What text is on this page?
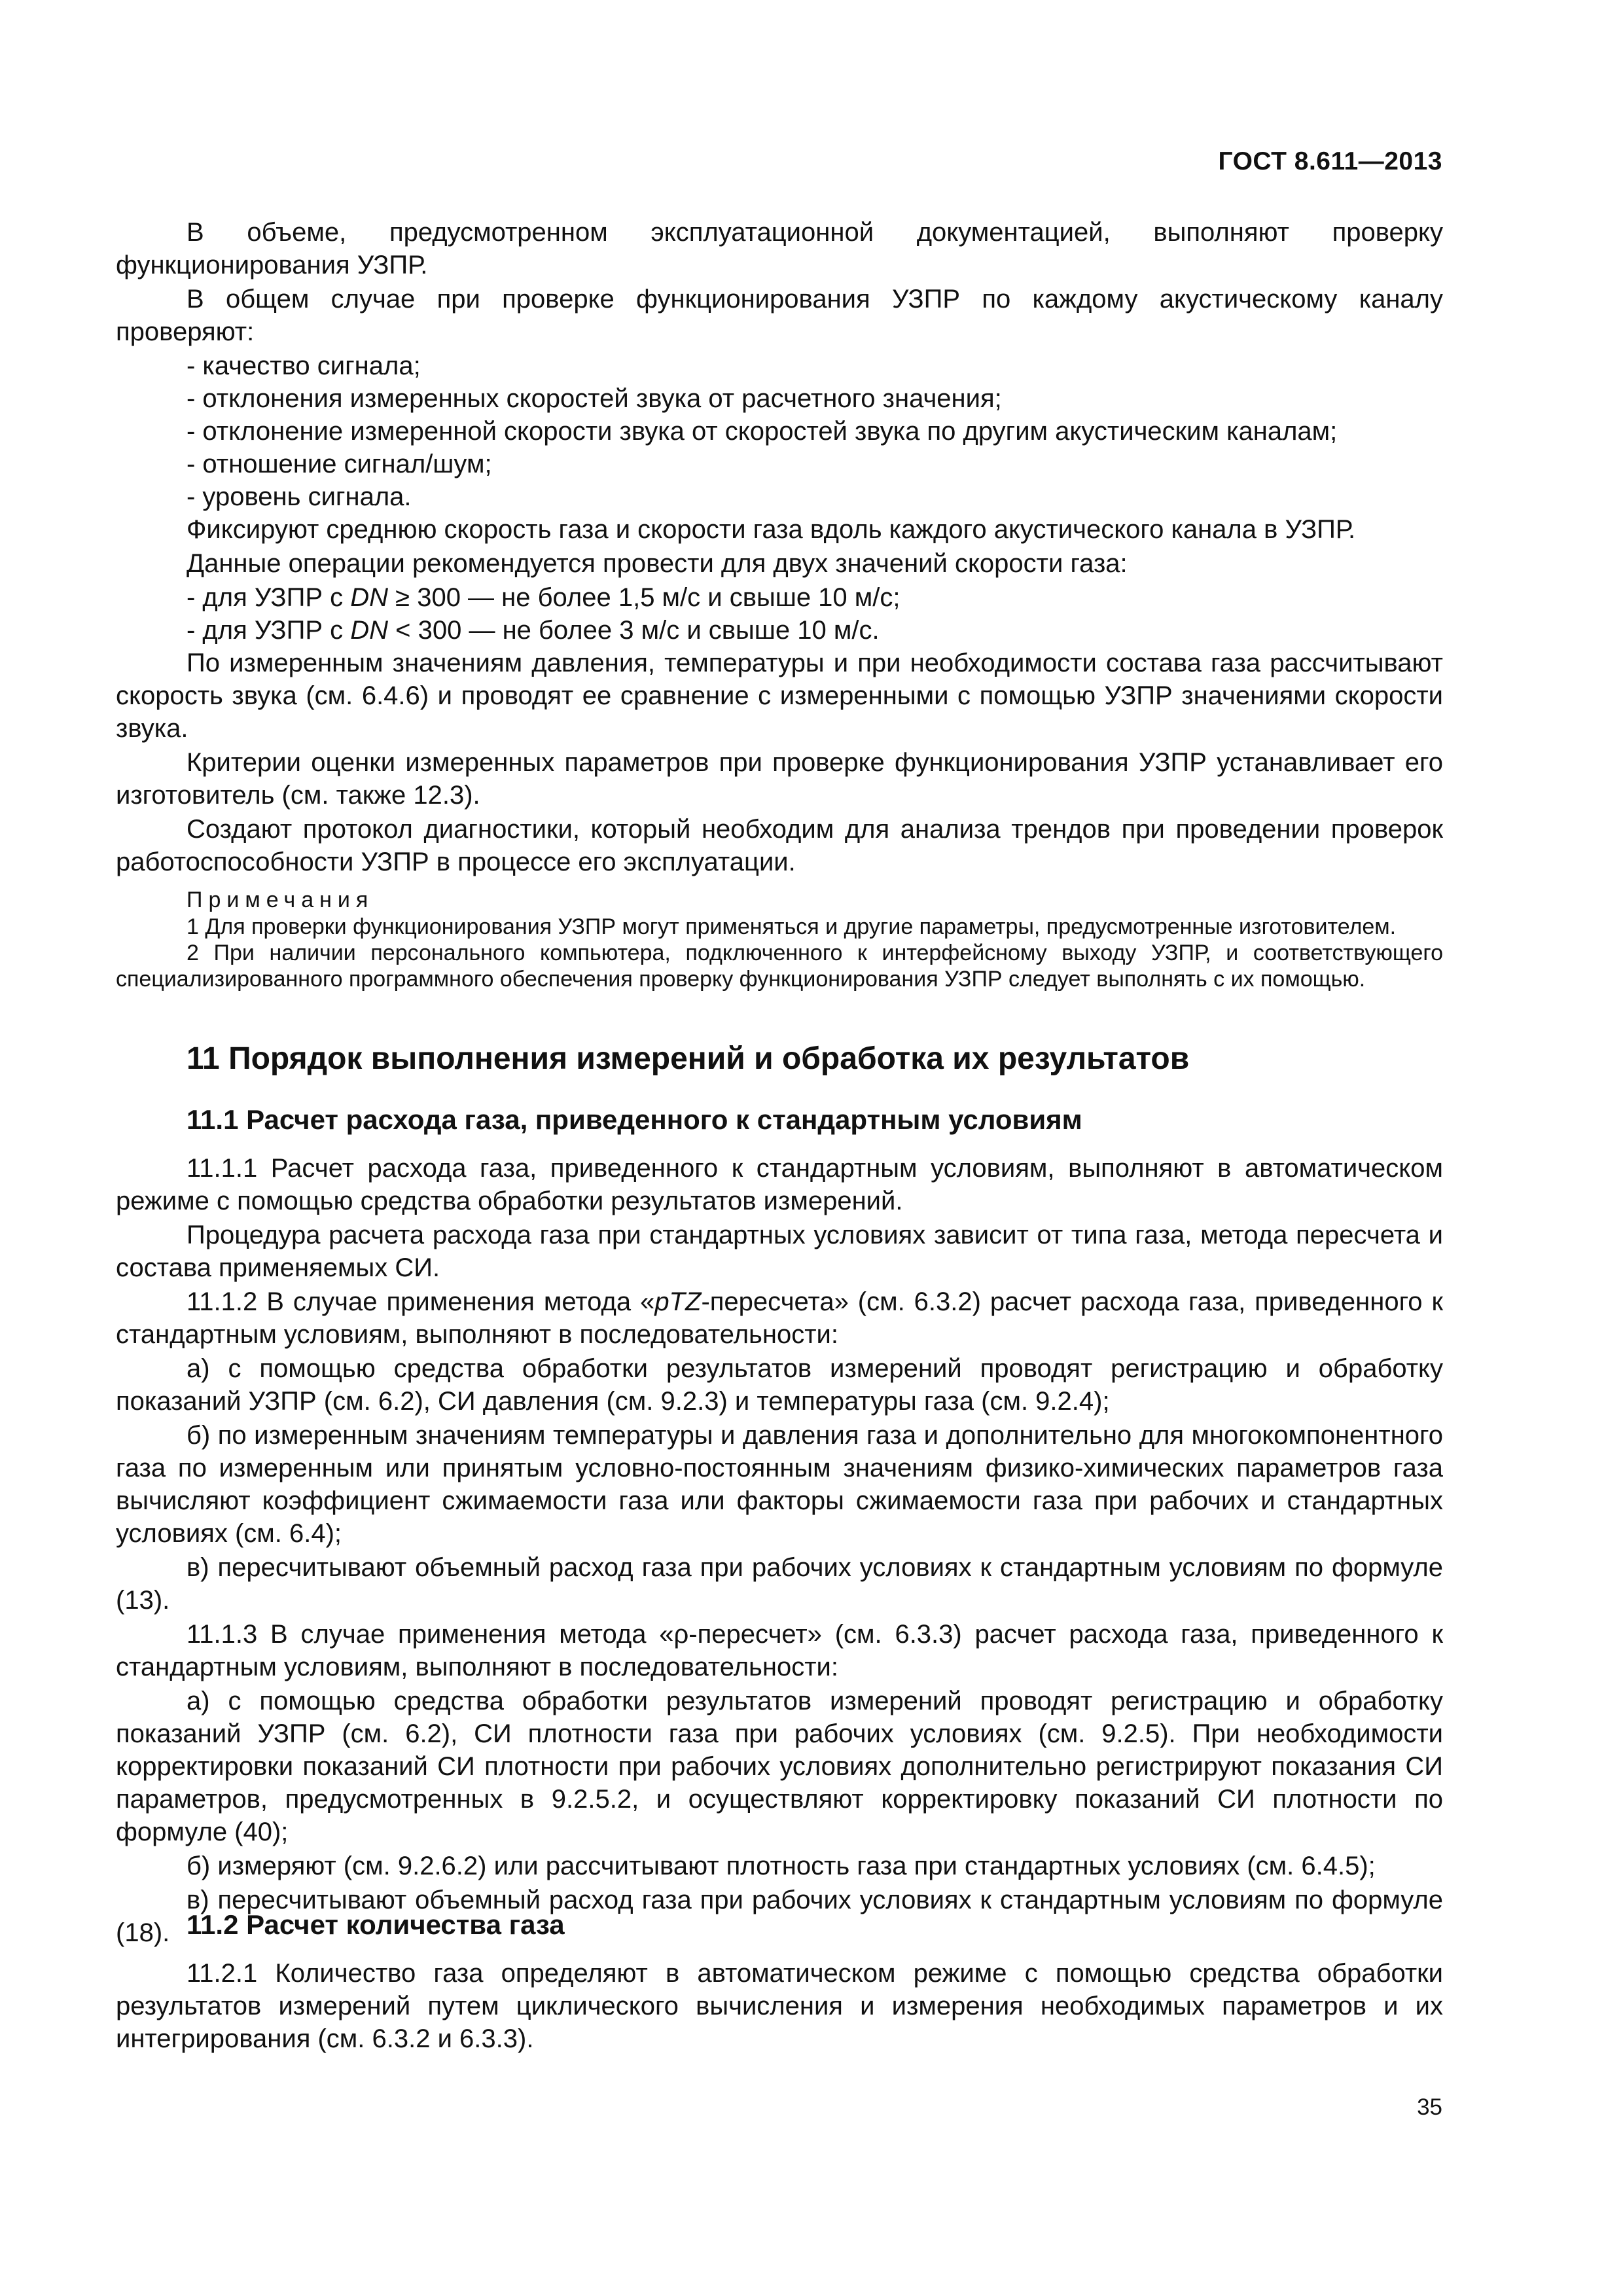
ГОСТ 8.611—2013

В объеме, предусмотренном эксплуатационной документацией, выполняют проверку функционирования УЗПР.

В общем случае при проверке функционирования УЗПР по каждому акустическому каналу проверяют:

- качество сигнала;

- отклонения измеренных скоростей звука от расчетного значения;

- отклонение измеренной скорости звука от скоростей звука по другим акустическим каналам;

- отношение сигнал/шум;

- уровень сигнала.

Фиксируют среднюю скорость газа и скорости газа вдоль каждого акустического канала в УЗПР.

Данные операции рекомендуется провести для двух значений скорости газа:

- для УЗПР с DN ≥ 300 — не более 1,5 м/с и свыше 10 м/с;

- для УЗПР с DN < 300 — не более 3 м/с и свыше 10 м/с.

По измеренным значениям давления, температуры и при необходимости состава газа рассчитывают скорость звука (см. 6.4.6) и проводят ее сравнение с измеренными с помощью УЗПР значениями скорости звука.

Критерии оценки измеренных параметров при проверке функционирования УЗПР устанавливает его изготовитель (см. также 12.3).

Создают протокол диагностики, который необходим для анализа трендов при проведении проверок работоспособности УЗПР в процессе его эксплуатации.

Примечания

1 Для проверки функционирования УЗПР могут применяться и другие параметры, предусмотренные изготовителем.

2 При наличии персонального компьютера, подключенного к интерфейсному выходу УЗПР, и соответствующего специализированного программного обеспечения проверку функционирования УЗПР следует выполнять с их помощью.

11 Порядок выполнения измерений и обработка их результатов
11.1 Расчет расхода газа, приведенного к стандартным условиям

11.1.1 Расчет расхода газа, приведенного к стандартным условиям, выполняют в автоматическом режиме с помощью средства обработки результатов измерений.

Процедура расчета расхода газа при стандартных условиях зависит от типа газа, метода пересчета и состава применяемых СИ.

11.1.2 В случае применения метода «pTZ-пересчета» (см. 6.3.2) расчет расхода газа, приведенного к стандартным условиям, выполняют в последовательности:

а) с помощью средства обработки результатов измерений проводят регистрацию и обработку показаний УЗПР (см. 6.2), СИ давления (см. 9.2.3) и температуры газа (см. 9.2.4);

б) по измеренным значениям температуры и давления газа и дополнительно для многокомпонентного газа по измеренным или принятым условно-постоянным значениям физико-химических параметров газа вычисляют коэффициент сжимаемости газа или факторы сжимаемости газа при рабочих и стандартных условиях (см. 6.4);

в) пересчитывают объемный расход газа при рабочих условиях к стандартным условиям по формуле (13).

11.1.3 В случае применения метода «ρ-пересчет» (см. 6.3.3) расчет расхода газа, приведенного к стандартным условиям, выполняют в последовательности:

а) с помощью средства обработки результатов измерений проводят регистрацию и обработку показаний УЗПР (см. 6.2), СИ плотности газа при рабочих условиях (см. 9.2.5). При необходимости корректировки показаний СИ плотности при рабочих условиях дополнительно регистрируют показания СИ параметров, предусмотренных в 9.2.5.2, и осуществляют корректировку показаний СИ плотности по формуле (40);

б) измеряют (см. 9.2.6.2) или рассчитывают плотность газа при стандартных условиях (см. 6.4.5);

в) пересчитывают объемный расход газа при рабочих условиях к стандартным условиям по формуле (18). 11.2 Расчет количества газа

11.2.1 Количество газа определяют в автоматическом режиме с помощью средства обработки результатов измерений путем циклического вычисления и измерения необходимых параметров и их интегрирования (см. 6.3.2 и 6.3.3).

35
